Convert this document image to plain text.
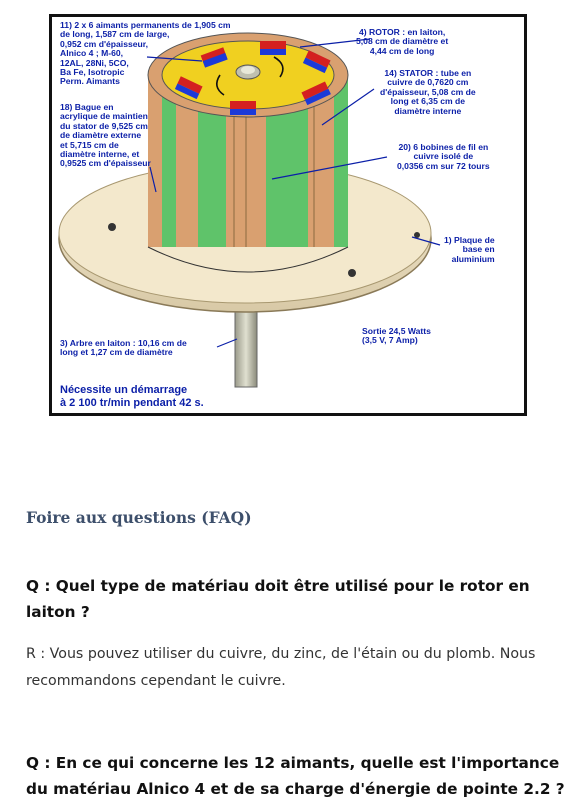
11) 2 x 6 aimants permanents de 1,905 cm
de long, 1,587 cm de large,
0,952 cm d'épaisseur,
Alnico 4 ; M-60,
12AL, 28Ni, 5CO,
Ba Fe, Isotropic
Perm. Aimants
18) Bague en
acrylique de maintien
du stator de 9,525 cm
de diamètre externe
et 5,715 cm de
diamètre interne, et
0,9525 cm d'épaisseur
4) ROTOR : en laiton,
5,08 cm de diamètre et
4,44 cm de long
14) STATOR : tube en
cuivre de 0,7620 cm
d'épaisseur, 5,08 cm de
long et 6,35 cm de
diamètre interne
20) 6 bobines de fil en
cuivre isolé de
0,0356 cm sur 72 tours
1) Plaque de
base en
aluminium
Sortie 24,5 Watts
(3,5 V, 7 Amp)
3) Arbre en laiton : 10,16 cm de
long et 1,27 cm de diamètre
Nécessite un démarrage
à 2 100 tr/min pendant 42 s.
Foire aux questions (FAQ)
Q : Quel type de matériau doit être utilisé pour le rotor en laiton ?
R : Vous pouvez utiliser du cuivre, du zinc, de l'étain ou du plomb. Nous recommandons cependant le cuivre.
Q : En ce qui concerne les 12 aimants, quelle est l'importance du matériau Alnico 4 et de sa charge d'énergie de pointe 2.2 ?
